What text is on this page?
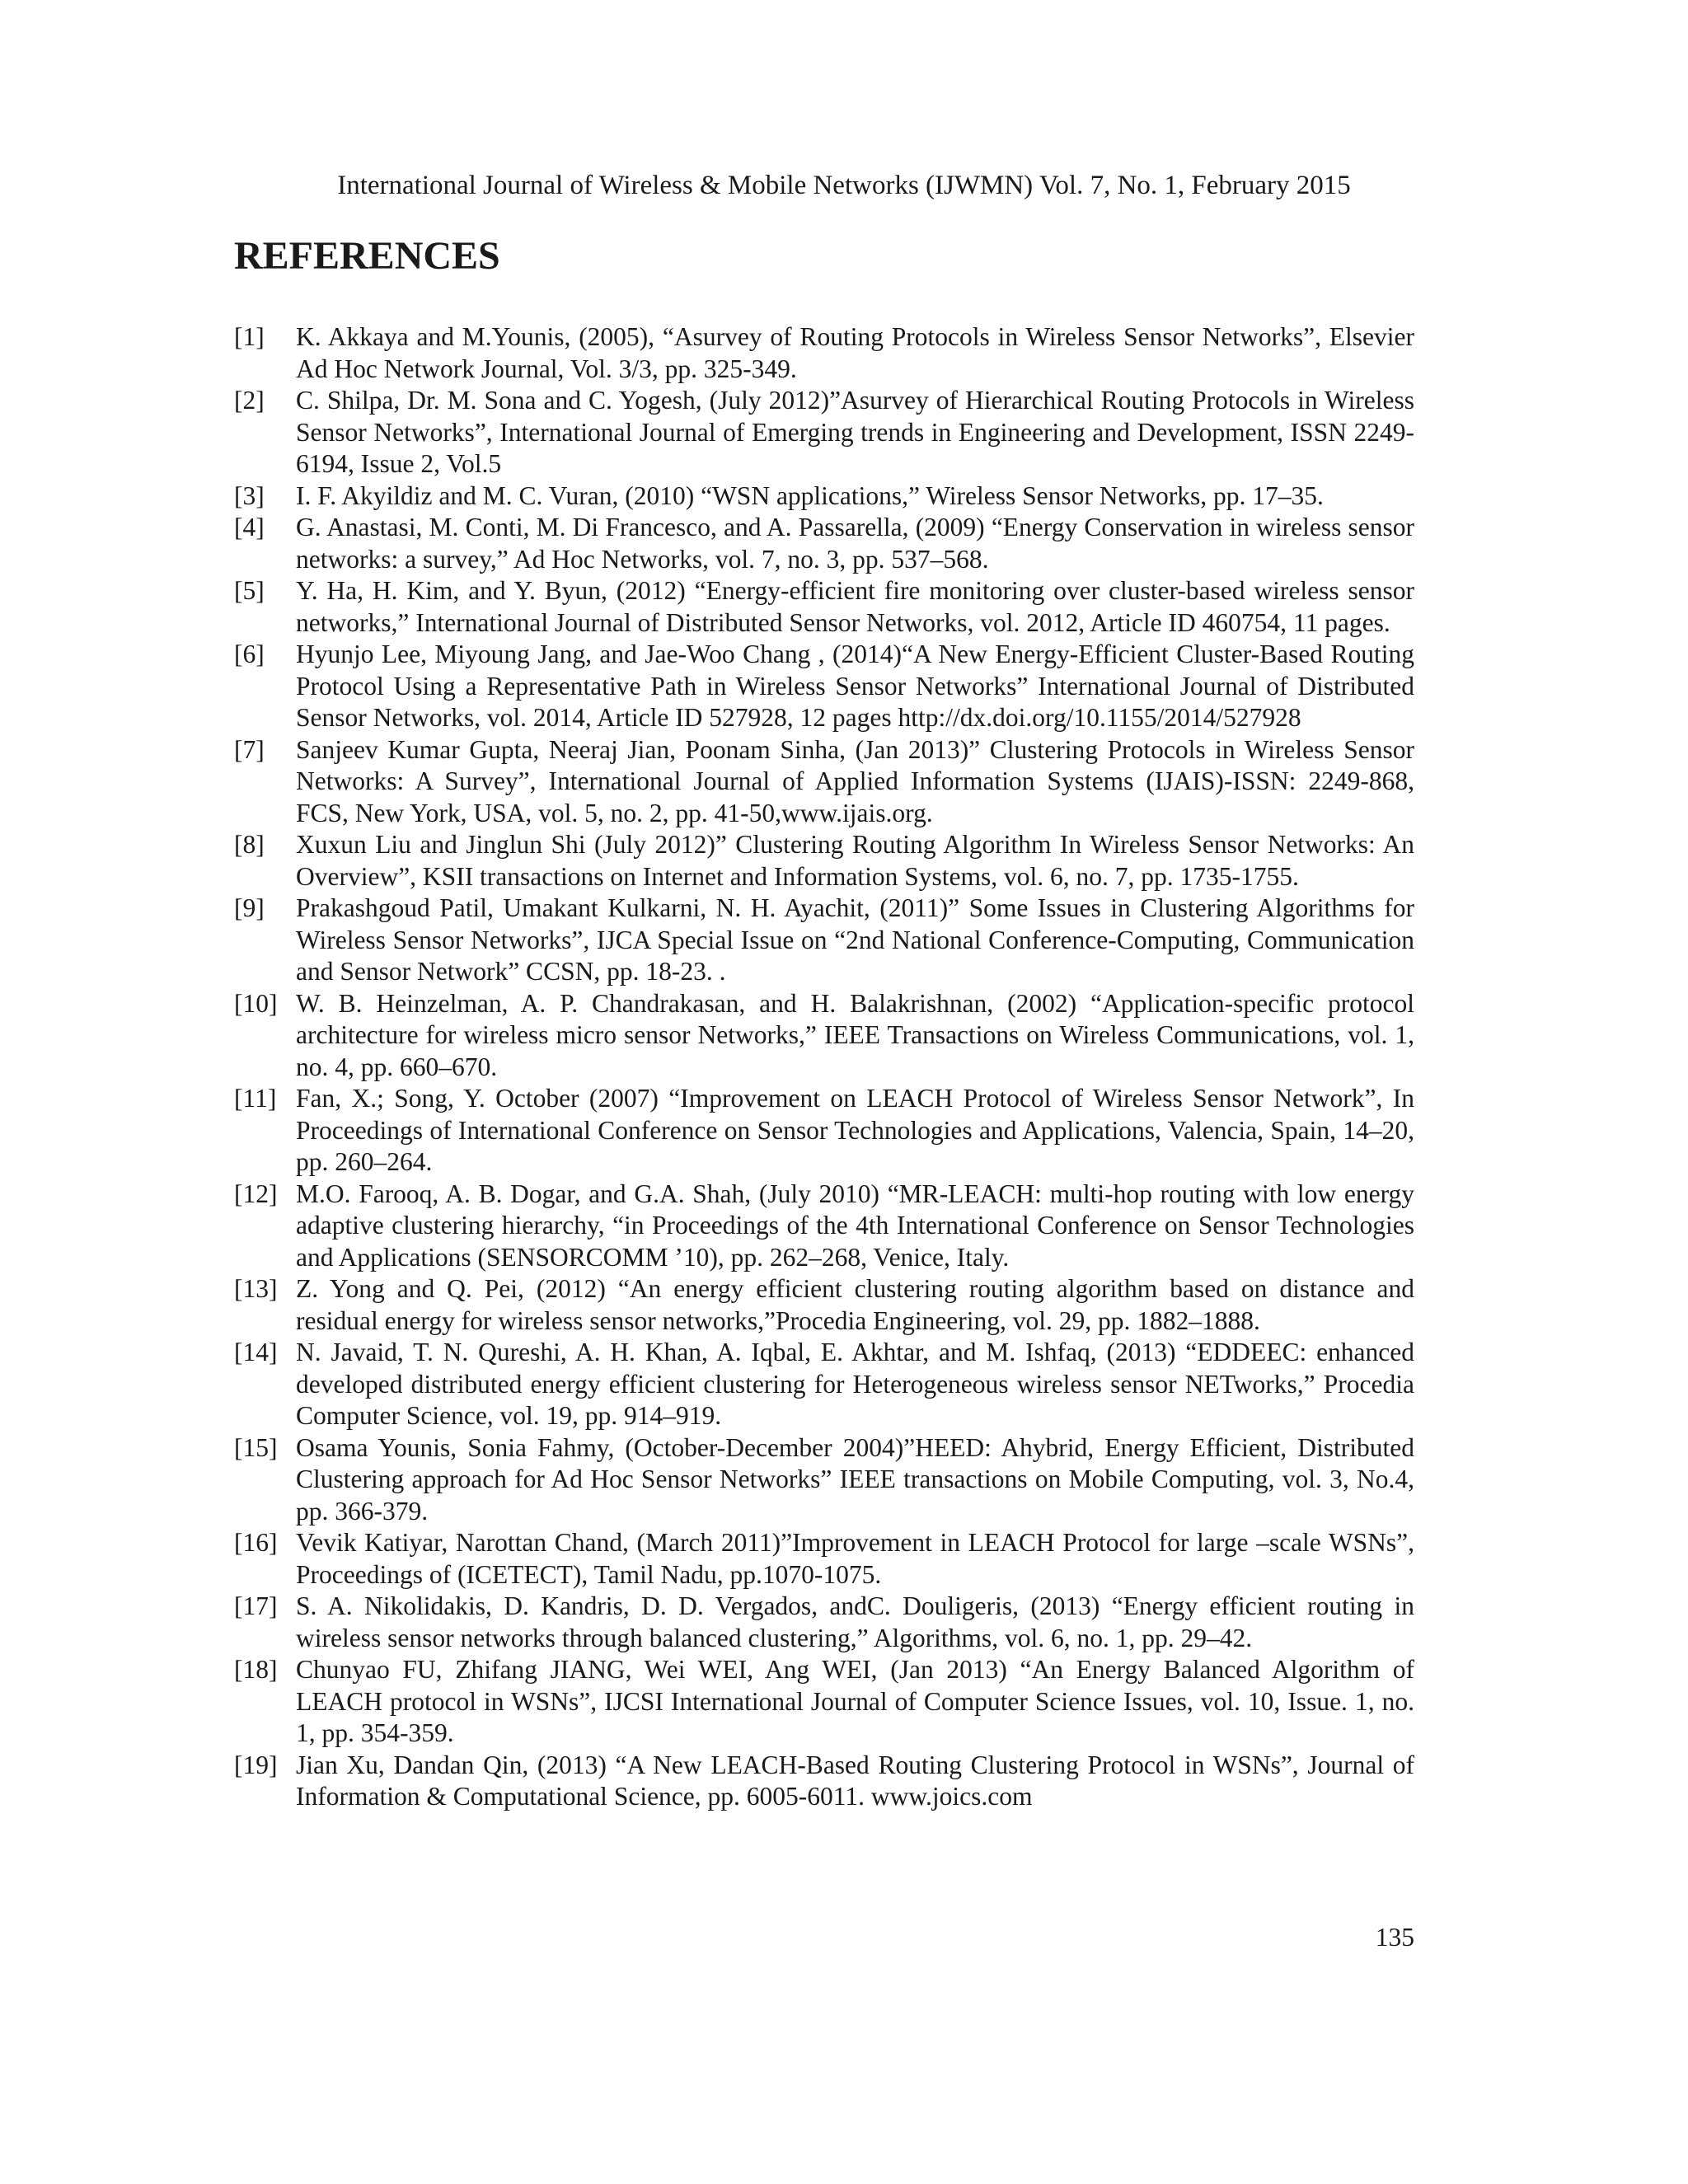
International Journal of Wireless & Mobile Networks (IJWMN) Vol. 7, No. 1, February 2015
REFERENCES
[1]	K. Akkaya and M.Younis, (2005), “Asurvey of Routing Protocols in Wireless Sensor Networks”, Elsevier Ad Hoc Network Journal, Vol. 3/3, pp. 325-349.
[2]	C. Shilpa, Dr. M. Sona and C. Yogesh, (July 2012)”Asurvey of Hierarchical Routing Protocols in Wireless Sensor Networks”, International Journal of Emerging trends in Engineering and Development, ISSN 2249-6194, Issue 2, Vol.5
[3]	I. F. Akyildiz and M. C. Vuran, (2010) “WSN applications,” Wireless Sensor Networks, pp. 17–35.
[4]	G. Anastasi, M. Conti, M. Di Francesco, and A. Passarella, (2009) “Energy Conservation in wireless sensor networks: a survey,” Ad Hoc Networks, vol. 7, no. 3, pp. 537–568.
[5]	Y. Ha, H. Kim, and Y. Byun, (2012) “Energy-efficient fire monitoring over cluster-based wireless sensor networks,” International Journal of Distributed Sensor Networks, vol. 2012, Article ID 460754, 11 pages.
[6]	Hyunjo Lee, Miyoung Jang, and Jae-Woo Chang , (2014)“A New Energy-Efficient Cluster-Based Routing Protocol Using a Representative Path in Wireless Sensor Networks” International Journal of Distributed Sensor Networks, vol. 2014, Article ID 527928, 12 pages http://dx.doi.org/10.1155/2014/527928
[7]	Sanjeev Kumar Gupta, Neeraj Jian, Poonam Sinha, (Jan 2013)” Clustering Protocols in Wireless Sensor Networks: A Survey”, International Journal of Applied Information Systems (IJAIS)-ISSN: 2249-868, FCS, New York, USA, vol. 5, no. 2, pp. 41-50,www.ijais.org.
[8]	Xuxun Liu and Jinglun Shi (July 2012)” Clustering Routing Algorithm In Wireless Sensor Networks: An Overview”, KSII transactions on Internet and Information Systems, vol. 6, no. 7, pp. 1735-1755.
[9]	Prakashgoud Patil, Umakant Kulkarni, N. H. Ayachit, (2011)” Some Issues in Clustering Algorithms for Wireless Sensor Networks”, IJCA Special Issue on “2nd National Conference-Computing, Communication and Sensor Network” CCSN, pp. 18-23. .
[10] W. B. Heinzelman, A. P. Chandrakasan, and H. Balakrishnan, (2002) “Application-specific protocol architecture for wireless micro sensor Networks,” IEEE Transactions on Wireless Communications, vol. 1, no. 4, pp. 660–670.
[11] Fan, X.; Song, Y. October (2007) “Improvement on LEACH Protocol of Wireless Sensor Network”, In Proceedings of International Conference on Sensor Technologies and Applications, Valencia, Spain, 14–20, pp. 260–264.
[12] M.O. Farooq, A. B. Dogar, and G.A. Shah, (July 2010) “MR-LEACH: multi-hop routing with low energy adaptive clustering hierarchy, “in Proceedings of the 4th International Conference on Sensor Technologies and Applications (SENSORCOMM ’10), pp. 262–268, Venice, Italy.
[13] Z. Yong and Q. Pei, (2012) “An energy efficient clustering routing algorithm based on distance and residual energy for wireless sensor networks,”Procedia Engineering, vol. 29, pp. 1882–1888.
[14] N. Javaid, T. N. Qureshi, A. H. Khan, A. Iqbal, E. Akhtar, and M. Ishfaq, (2013) “EDDEEC: enhanced developed distributed energy efficient clustering for Heterogeneous wireless sensor NETworks,” Procedia Computer Science, vol. 19, pp. 914–919.
[15] Osama Younis, Sonia Fahmy, (October-December 2004)”HEED: Ahybrid, Energy Efficient, Distributed Clustering approach for Ad Hoc Sensor Networks” IEEE transactions on Mobile Computing, vol. 3, No.4, pp. 366-379.
[16] Vevik Katiyar, Narottan Chand, (March 2011)”Improvement in LEACH Protocol for large –scale WSNs”, Proceedings of (ICETECT), Tamil Nadu, pp.1070-1075.
[17] S. A. Nikolidakis, D. Kandris, D. D. Vergados, andC. Douligeris, (2013) “Energy efficient routing in wireless sensor networks through balanced clustering,” Algorithms, vol. 6, no. 1, pp. 29–42.
[18] Chunyao FU, Zhifang JIANG, Wei WEI, Ang WEI, (Jan 2013) “An Energy Balanced Algorithm of LEACH protocol in WSNs”, IJCSI International Journal of Computer Science Issues, vol. 10, Issue. 1, no. 1, pp. 354-359.
[19] Jian Xu, Dandan Qin, (2013) “A New LEACH-Based Routing Clustering Protocol in WSNs”, Journal of Information & Computational Science, pp. 6005-6011. www.joics.com
135
